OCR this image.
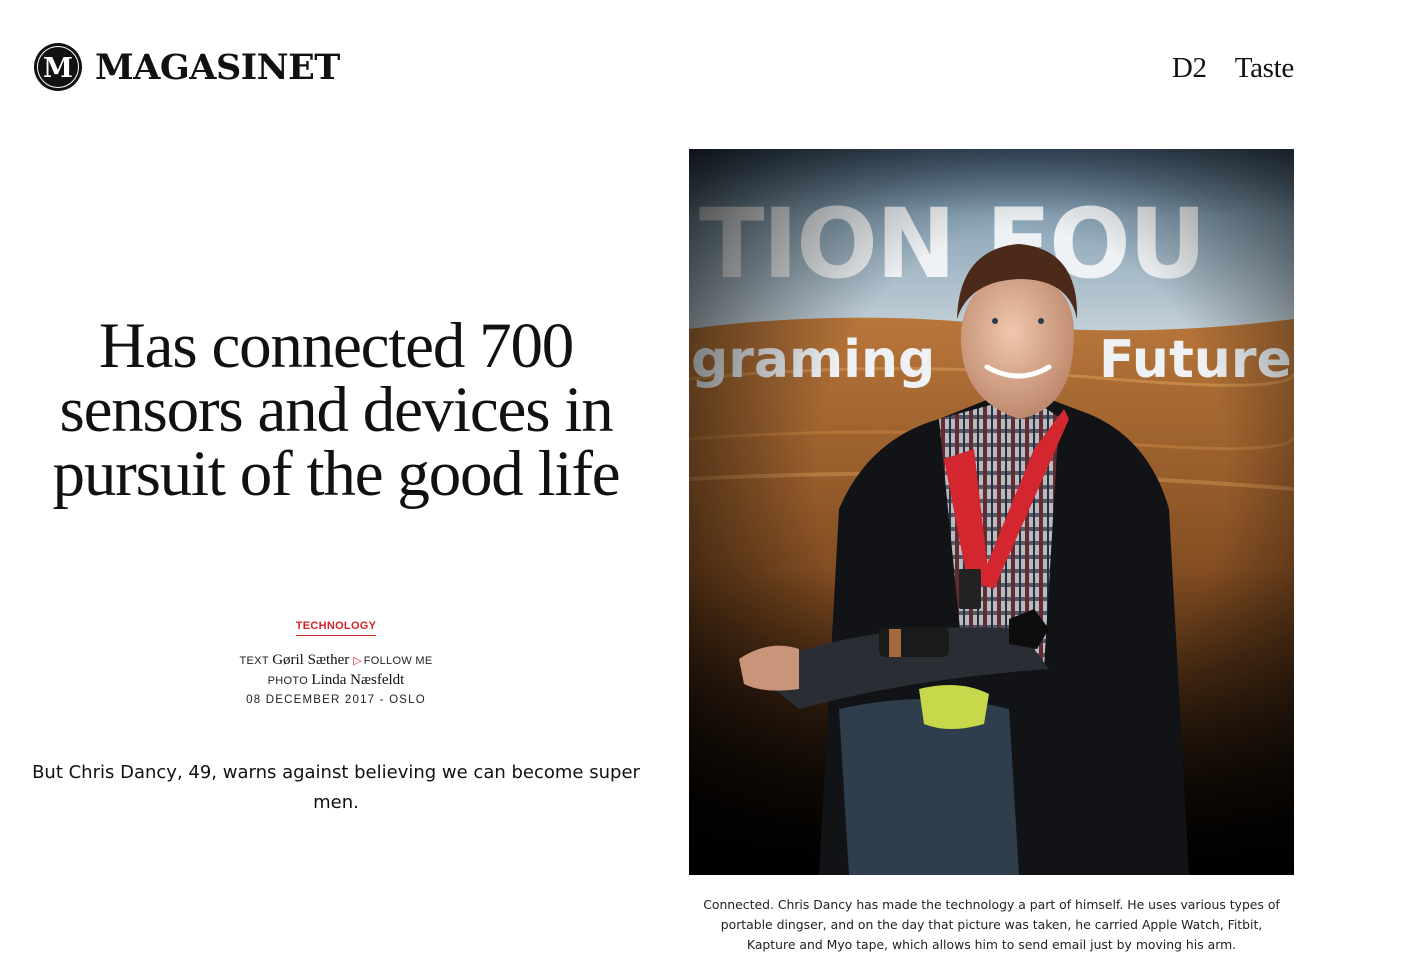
M MAGASINET	D2 Taste
Has connected 700 sensors and devices in pursuit of the good life
TECHNOLOGY
TEXT Gøril Sæther ▷ FOLLOW ME
PHOTO Linda Næsfeldt
08 DECEMBER 2017 - OSLO

But Chris Dancy, 49, warns against believing we can become super men.

Connected. Chris Dancy has made the technology a part of himself. He uses various types of portable dingser, and on the day that picture was taken, he carried Apple Watch, Fitbit, Kapture and Myo tape, which allows him to send email just by moving his arm.
